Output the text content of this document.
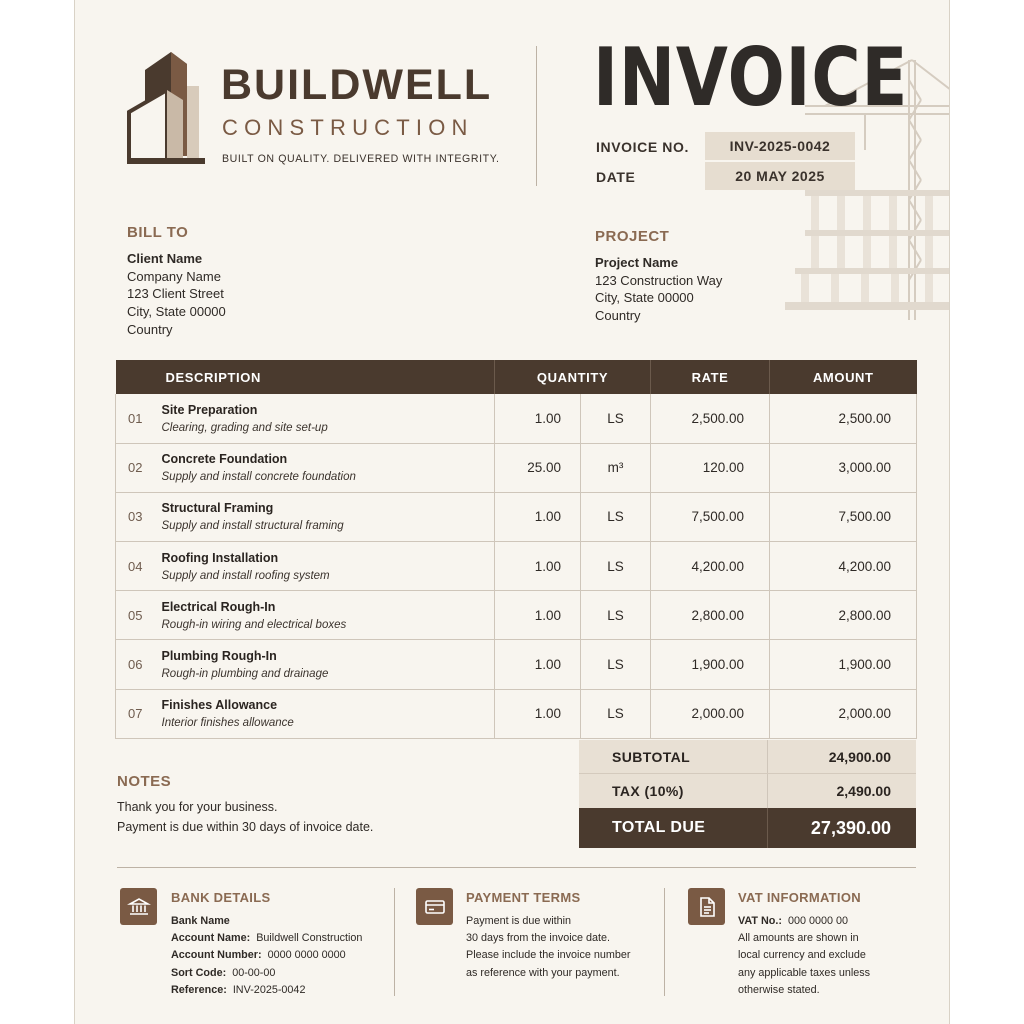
BUILDWELL
CONSTRUCTION
BUILT ON QUALITY. DELIVERED WITH INTEGRITY.
INVOICE
INVOICE NO.	INV-2025-0042
DATE	20 MAY 2025
BILL TO
Client Name
Company Name
123 Client Street
City, State 00000
Country
PROJECT
Project Name
123 Construction Way
City, State 00000
Country
DESCRIPTION		QUANTITY		RATE	AMOUNT
01	Site Preparation
Clearing, grading and site set-up	1.00	LS	2,500.00	2,500.00
02	Concrete Foundation
Supply and install concrete foundation	25.00	m³	120.00	3,000.00
03	Structural Framing
Supply and install structural framing	1.00	LS	7,500.00	7,500.00
04	Roofing Installation
Supply and install roofing system	1.00	LS	4,200.00	4,200.00
05	Electrical Rough-In
Rough-in wiring and electrical boxes	1.00	LS	2,800.00	2,800.00
06	Plumbing Rough-In
Rough-in plumbing and drainage	1.00	LS	1,900.00	1,900.00
07	Finishes Allowance
Interior finishes allowance	1.00	LS	2,000.00	2,000.00
SUBTOTAL	24,900.00
TAX (10%)	2,490.00
TOTAL DUE	27,390.00
NOTES
Thank you for your business.
Payment is due within 30 days of invoice date.
BANK DETAILS
Bank Name
Account Name: Buildwell Construction
Account Number: 0000 0000 0000
Sort Code: 00-00-00
Reference: INV-2025-0042
PAYMENT TERMS
Payment is due within
30 days from the invoice date.
Please include the invoice number
as reference with your payment.
VAT INFORMATION
VAT No.: 000 0000 00
All amounts are shown in
local currency and exclude
any applicable taxes unless
otherwise stated.
